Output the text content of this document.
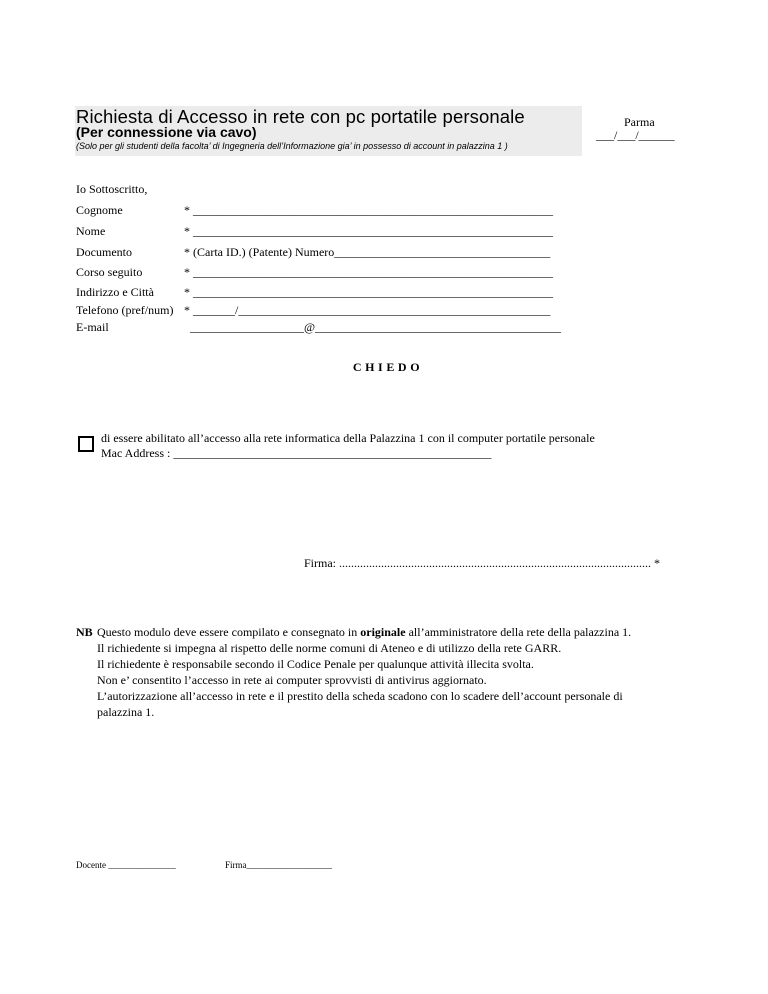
Richiesta di Accesso in rete con pc portatile personale
(Per connessione via cavo)
(Solo per gli studenti della facolta’ di Ingegneria dell’Informazione gia’ in possesso di account in palazzina 1 )
Parma
___/___/______
Io Sottoscritto,
Cognome	* ____________________________________________________________
Nome	* ____________________________________________________________
Documento	* (Carta ID.) (Patente) Numero____________________________________
Corso seguito	* ____________________________________________________________
Indirizzo e Città	* ____________________________________________________________
Telefono (pref/num) * _______/____________________________________________________
E-mail	___________________@_________________________________________
CHIEDO
di essere abilitato all’accesso alla rete informatica della Palazzina 1 con il computer portatile personale
Mac Address : _____________________________________________________
Firma: ........................................................................................................ *
NB Questo modulo deve essere compilato e consegnato in originale all’amministratore della rete della palazzina 1.
Il richiedente si impegna al rispetto delle norme comuni di Ateneo e di utilizzo della rete GARR.
Il richiedente è responsabile secondo il Codice Penale per qualunque attività illecita svolta.
Non e’ consentito l’accesso in rete ai computer sprovvisti di antivirus aggiornato.
L’autorizzazione all’accesso in rete e il prestito della scheda scadono con lo scadere dell’account personale di
palazzina 1.
Docente _______________	Firma___________________
